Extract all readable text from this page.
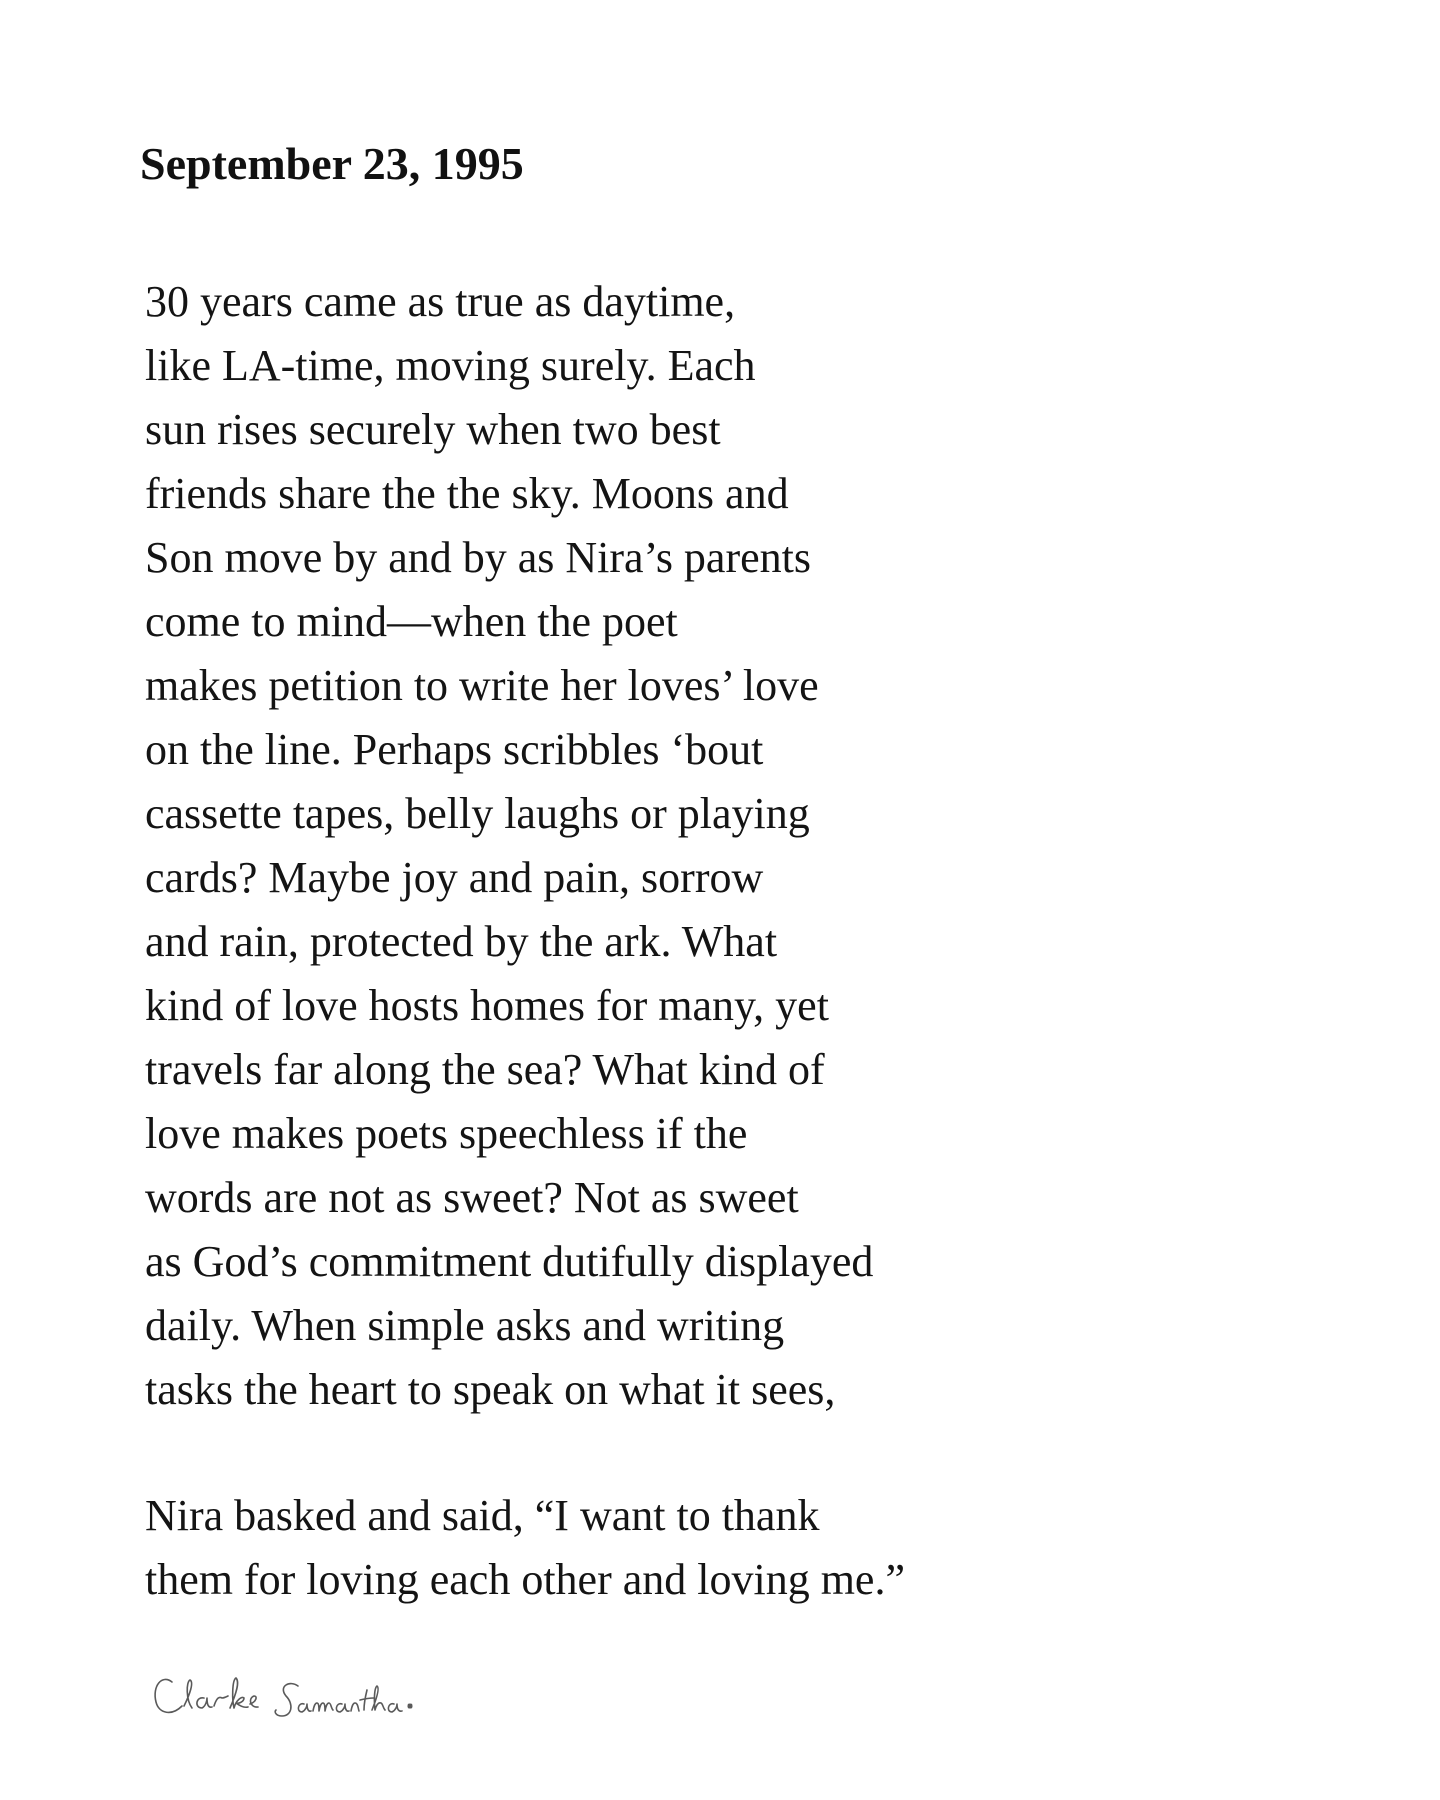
September 23, 1995
30 years came as true as daytime,
like LA-time, moving surely. Each
sun rises securely when two best
friends share the the sky. Moons and
Son move by and by as Nira’s parents
come to mind—when the poet
makes petition to write her loves’ love
on the line. Perhaps scribbles ‘bout
cassette tapes, belly laughs or playing
cards? Maybe joy and pain, sorrow
and rain, protected by the ark. What
kind of love hosts homes for many, yet
travels far along the sea? What kind of
love makes poets speechless if the
words are not as sweet? Not as sweet
as God’s commitment dutifully displayed
daily. When simple asks and writing
tasks the heart to speak on what it sees,
Nira basked and said, “I want to thank
them for loving each other and loving me.”
